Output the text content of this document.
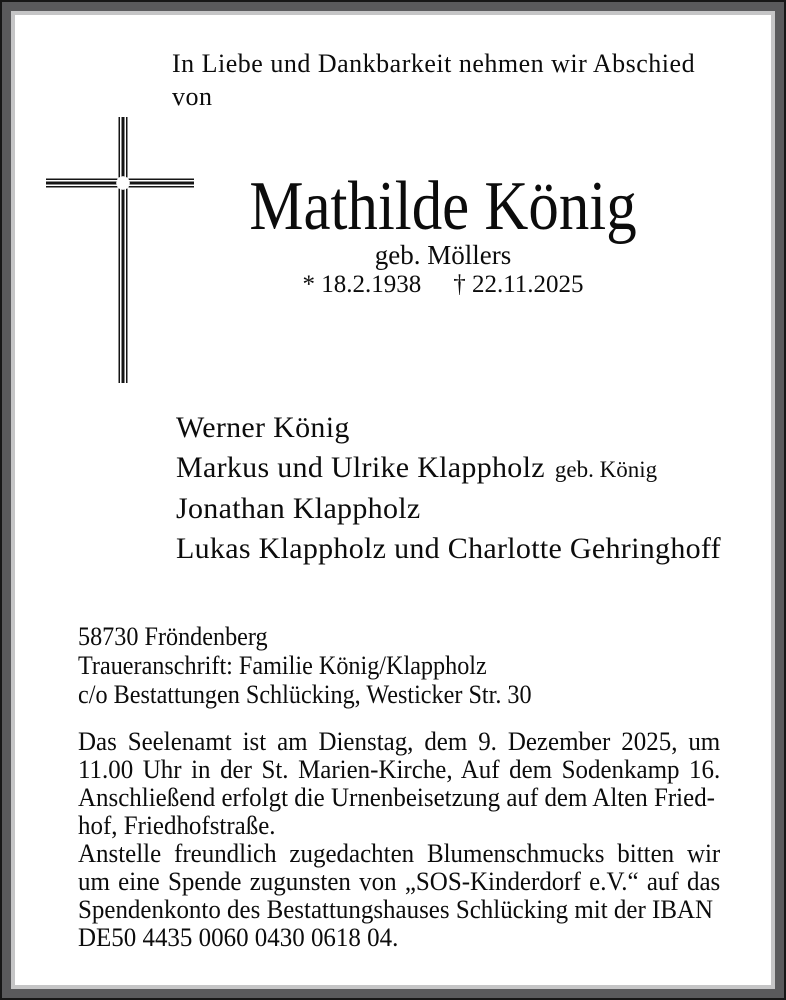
In Liebe und Dankbarkeit nehmen wir Abschied
von
Mathilde König
geb. Möllers
* 18.2.1938 † 22.11.2025
Werner König
Markus und Ulrike Klappholz geb. König
Jonathan Klappholz
Lukas Klappholz und Charlotte Gehringhoff
58730 Fröndenberg
Traueranschrift: Familie König/Klappholz
c/o Bestattungen Schlücking, Westicker Str. 30
Das Seelenamt ist am Dienstag, dem 9. Dezember 2025, um
11.00 Uhr in der St. Marien-Kirche, Auf dem Sodenkamp 16.
Anschließend erfolgt die Urnenbeisetzung auf dem Alten Fried-
hof, Friedhofstraße.
Anstelle freundlich zugedachten Blumenschmucks bitten wir
um eine Spende zugunsten von „SOS-Kinderdorf e.V.“ auf das
Spendenkonto des Bestattungshauses Schlücking mit der IBAN
DE50 4435 0060 0430 0618 04.
